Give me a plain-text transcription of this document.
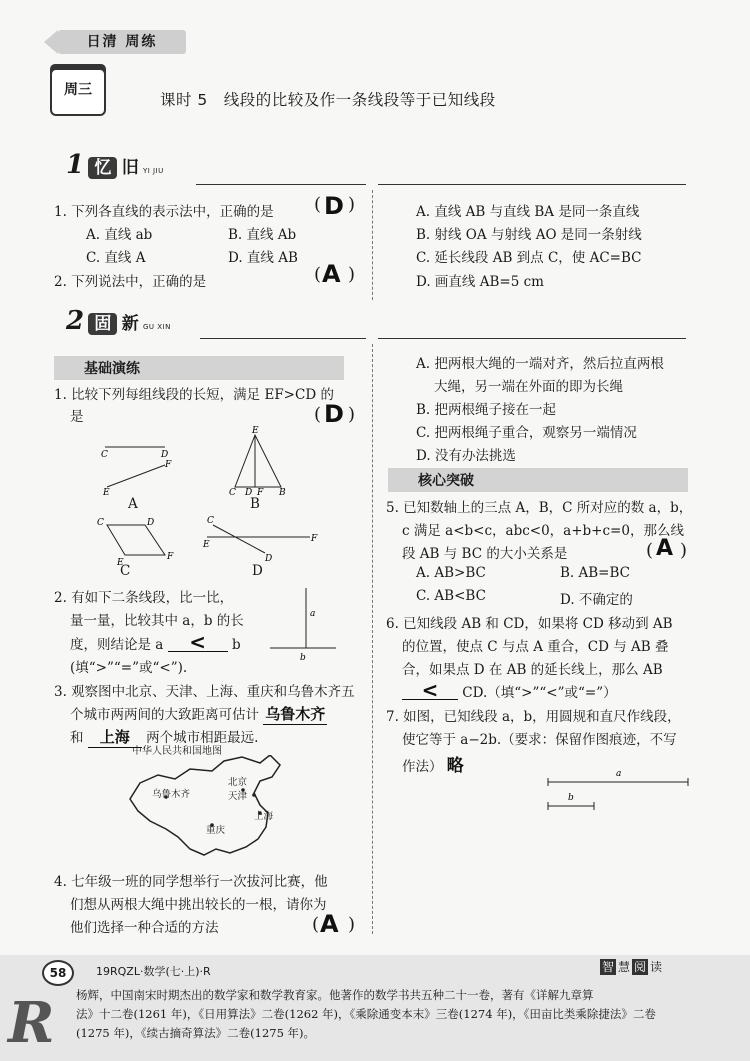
日清 周练
周三
课时 5　线段的比较及作一条线段等于已知线段
1 忆 旧 YI JIU
1. 下列各直线的表示法中，正确的是 ( D )
A. 直线 ab	B. 直线 Ab
C. 直线 A	D. 直线 AB
2. 下列说法中，正确的是	( A )
A. 直线 AB 与直线 BA 是同一条直线
B. 射线 OA 与射线 AO 是同一条射线
C. 延长线段 AB 到点 C，使 AC=BC
D. 画直线 AB=5 cm
2 固 新 GU XIN
基础演练
1. 比较下列每组线段的长短，满足 EF>CD 的
是	( D )
C	D
E
F
E
C D F B
C	D
E
F
C
E
D
F
A	B
C	D
2. 有如下二条线段，比一比，
量一量，比较其中 a，b 的长
度，则结论是 a < b
(填“>”“=”或“<”).
a
b
3. 观察图中北京、天津、上海、重庆和乌鲁木齐五
个城市两两间的大致距离可估计 乌鲁木齐
和 上海 两个城市相距最远.
中华人民共和国地图
乌鲁木齐
北京
天津
上海
重庆
4. 七年级一班的同学想举行一次拔河比赛，他
们想从两根大绳中挑出较长的一根，请你为
他们选择一种合适的方法	( A )
A. 把两根大绳的一端对齐，然后拉直两根
大绳，另一端在外面的即为长绳
B. 把两根绳子接在一起
C. 把两根绳子重合，观察另一端情况
D. 没有办法挑选
核心突破
5. 已知数轴上的三点 A，B，C 所对应的数 a，b，
c 满足 a<b<c，abc<0，a+b+c=0，那么线
段 AB 与 BC 的大小关系是	( A )
A. AB>BC	B. AB=BC
C. AB<BC	D. 不确定的
6. 已知线段 AB 和 CD，如果将 CD 移动到 AB
的位置，使点 C 与点 A 重合，CD 与 AB 叠
合，如果点 D 在 AB 的延长线上，那么 AB
< CD.（填“>”“<”或“=”）
7. 如图，已知线段 a，b，用圆规和直尺作线段，
使它等于 a−2b.（要求：保留作图痕迹，不写
作法） 略	a
b
R
58	19RQZL·数学(七·上)·R	智 慧 阅 读
杨辉，中国南宋时期杰出的数学家和数学教育家。他著作的数学书共五种二十一卷，著有《详解九章算
法》十二卷(1261 年)，《日用算法》二卷(1262 年)，《乘除通变本末》三卷(1274 年)，《田亩比类乘除捷法》二卷
(1275 年)，《续古摘奇算法》二卷(1275 年)。
